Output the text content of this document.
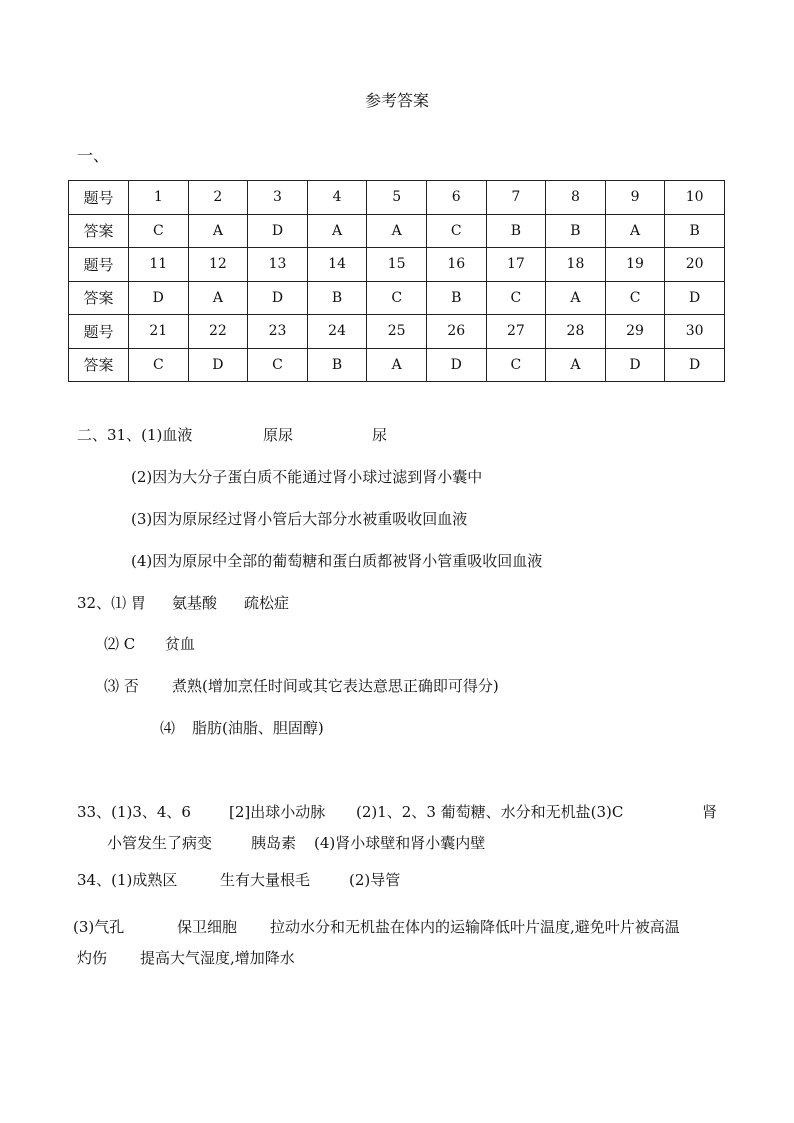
参考答案
一、
题号	1	2	3	4	5	6	7	8	9	10
答案	C	A	D	A	A	C	B	B	A	B
题号	11	12	13	14	15	16	17	18	19	20
答案	D	A	D	B	C	B	C	A	C	D
题号	21	22	23	24	25	26	27	28	29	30
答案	C	D	C	B	A	D	C	A	D	D
二、31、(1)血液	原尿	尿
(2)因为大分子蛋白质不能通过肾小球过滤到肾小囊中
(3)因为原尿经过肾小管后大部分水被重吸收回血液
(4)因为原尿中全部的葡萄糖和蛋白质都被肾小管重吸收回血液
32、⑴ 胃 氨基酸 疏松症
⑵ C 贫血
⑶ 否 煮熟(增加烹任时间或其它表达意思正确即可得分)
⑷ 脂肪(油脂、胆固醇)
33、(1)3、4、6	[2]出球小动脉 (2)1、2、3 葡萄糖、水分和无机盐(3)C	肾
小管发生了病变	胰岛素 (4)肾小球壁和肾小囊内壁
34、(1)成熟区	生有大量根毛	(2)导管
(3)气孔	保卫细胞 拉动水分和无机盐在体内的运输降低叶片温度,避免叶片被高温
灼伤 提高大气湿度,增加降水
